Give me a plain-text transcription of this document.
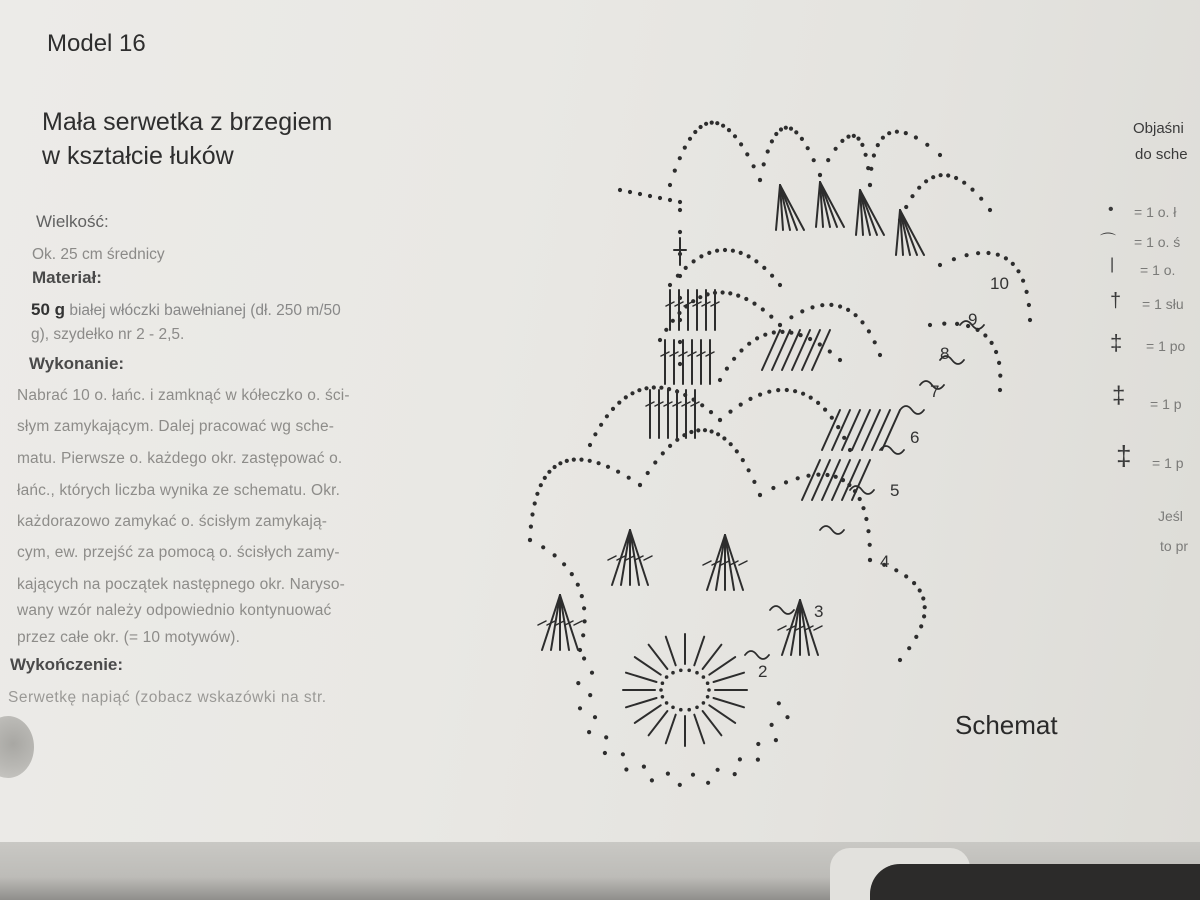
Model 16
Mała serwetka z brzegiem
w kształcie łuków
Wielkość:
Ok. 25 cm średnicy
Materiał:
50 g białej włóczki bawełnianej (dł. 250 m/50
g), szydełko nr 2 - 2,5.
Wykonanie:
Nabrać 10 o. łańc. i zamknąć w kółeczko o. ści-
słym zamykającym. Dalej pracować wg sche-
matu. Pierwsze o. każdego okr. zastępować o.
łańc., których liczba wynika ze schematu. Okr.
każdorazowo zamykać o. ścisłym zamykają-
cym, ew. przejść za pomocą o. ścisłych zamy-
kających na początek następnego okr. Naryso-
wany wzór należy odpowiednio kontynuować
przez całe okr. (= 10 motywów).
Wykończenie:
Serwetkę napiąć (zobacz wskazówki na str.
2
3
4
5
6
7
8
9
10
Schemat
Objaśni
do sche
• = 1 o. ł
⌒ = 1 o. ś
| = 1 o.
† = 1 słu
‡ = 1 po
‡ = 1 p
‡ = 1 p
Jeśl
to pr
